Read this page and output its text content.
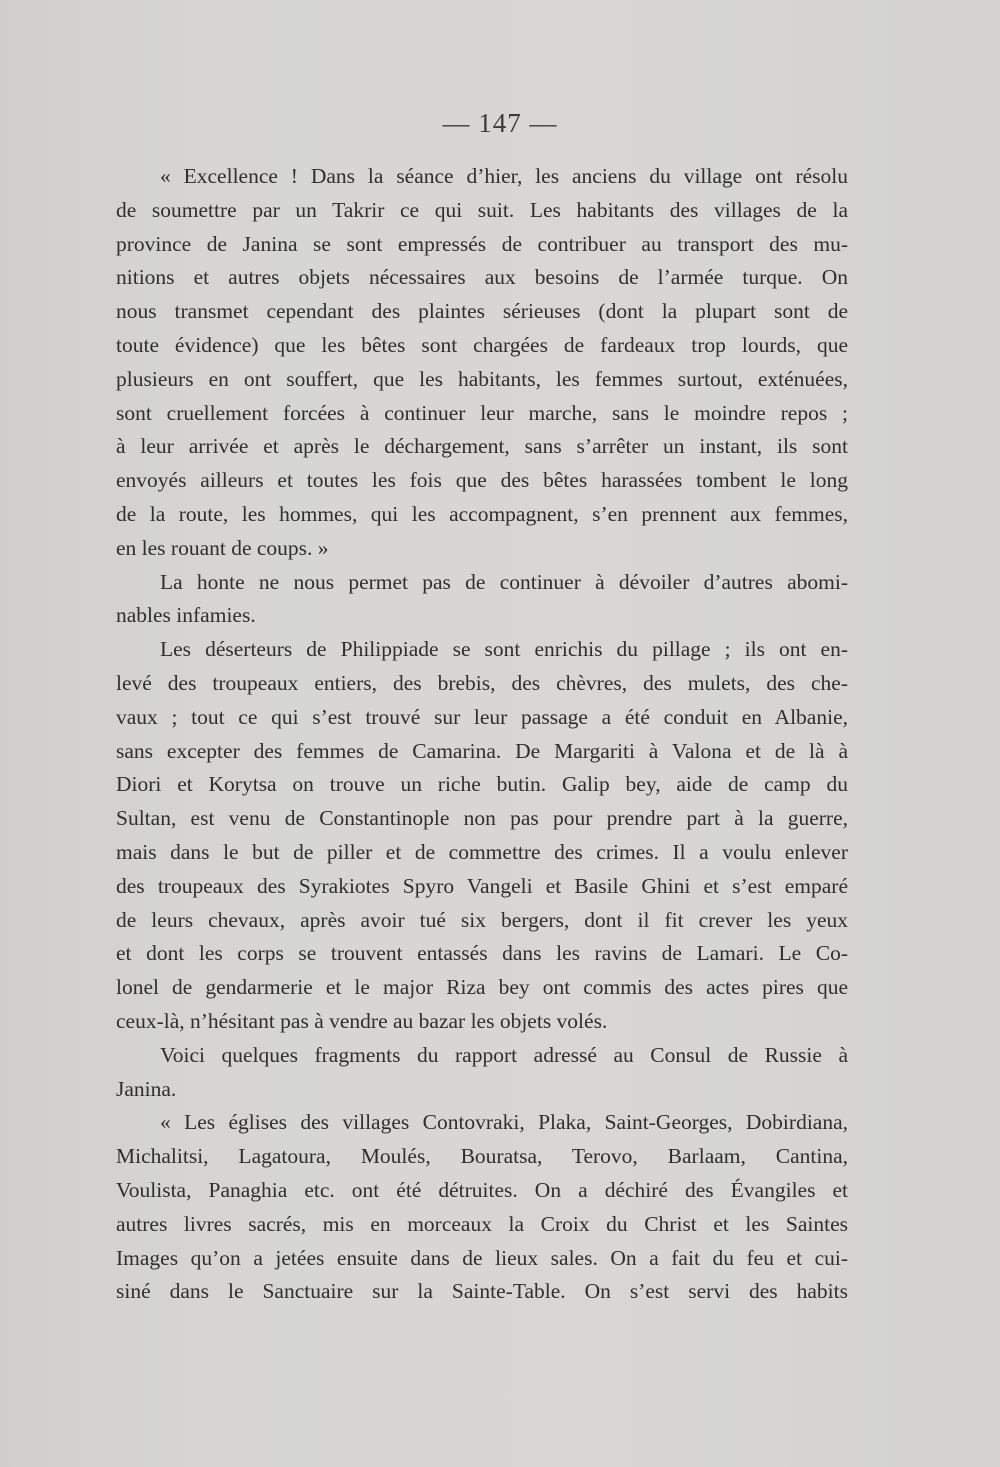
— 147 —
« Excellence ! Dans la séance d’hier, les anciens du village ont résolu
de soumettre par un Takrir ce qui suit. Les habitants des villages de la
province de Janina se sont empressés de contribuer au transport des mu-
nitions et autres objets nécessaires aux besoins de l’armée turque. On
nous transmet cependant des plaintes sérieuses (dont la plupart sont de
toute évidence) que les bêtes sont chargées de fardeaux trop lourds, que
plusieurs en ont souffert, que les habitants, les femmes surtout, exténuées,
sont cruellement forcées à continuer leur marche, sans le moindre repos ;
à leur arrivée et après le déchargement, sans s’arrêter un instant, ils sont
envoyés ailleurs et toutes les fois que des bêtes harassées tombent le long
de la route, les hommes, qui les accompagnent, s’en prennent aux femmes,
en les rouant de coups. »
La honte ne nous permet pas de continuer à dévoiler d’autres abomi-
nables infamies.
Les déserteurs de Philippiade se sont enrichis du pillage ; ils ont en-
levé des troupeaux entiers, des brebis, des chèvres, des mulets, des che-
vaux ; tout ce qui s’est trouvé sur leur passage a été conduit en Albanie,
sans excepter des femmes de Camarina. De Margariti à Valona et de là à
Diori et Korytsa on trouve un riche butin. Galip bey, aide de camp du
Sultan, est venu de Constantinople non pas pour prendre part à la guerre,
mais dans le but de piller et de commettre des crimes. Il a voulu enlever
des troupeaux des Syrakiotes Spyro Vangeli et Basile Ghini et s’est emparé
de leurs chevaux, après avoir tué six bergers, dont il fit crever les yeux
et dont les corps se trouvent entassés dans les ravins de Lamari. Le Co-
lonel de gendarmerie et le major Riza bey ont commis des actes pires que
ceux-là, n’hésitant pas à vendre au bazar les objets volés.
Voici quelques fragments du rapport adressé au Consul de Russie à
Janina.
« Les églises des villages Contovraki, Plaka, Saint-Georges, Dobirdiana,
Michalitsi, Lagatoura, Moulés, Bouratsa, Terovo, Barlaam, Cantina,
Voulista, Panaghia etc. ont été détruites. On a déchiré des Évangiles et
autres livres sacrés, mis en morceaux la Croix du Christ et les Saintes
Images qu’on a jetées ensuite dans de lieux sales. On a fait du feu et cui-
siné dans le Sanctuaire sur la Sainte-Table. On s’est servi des habits
